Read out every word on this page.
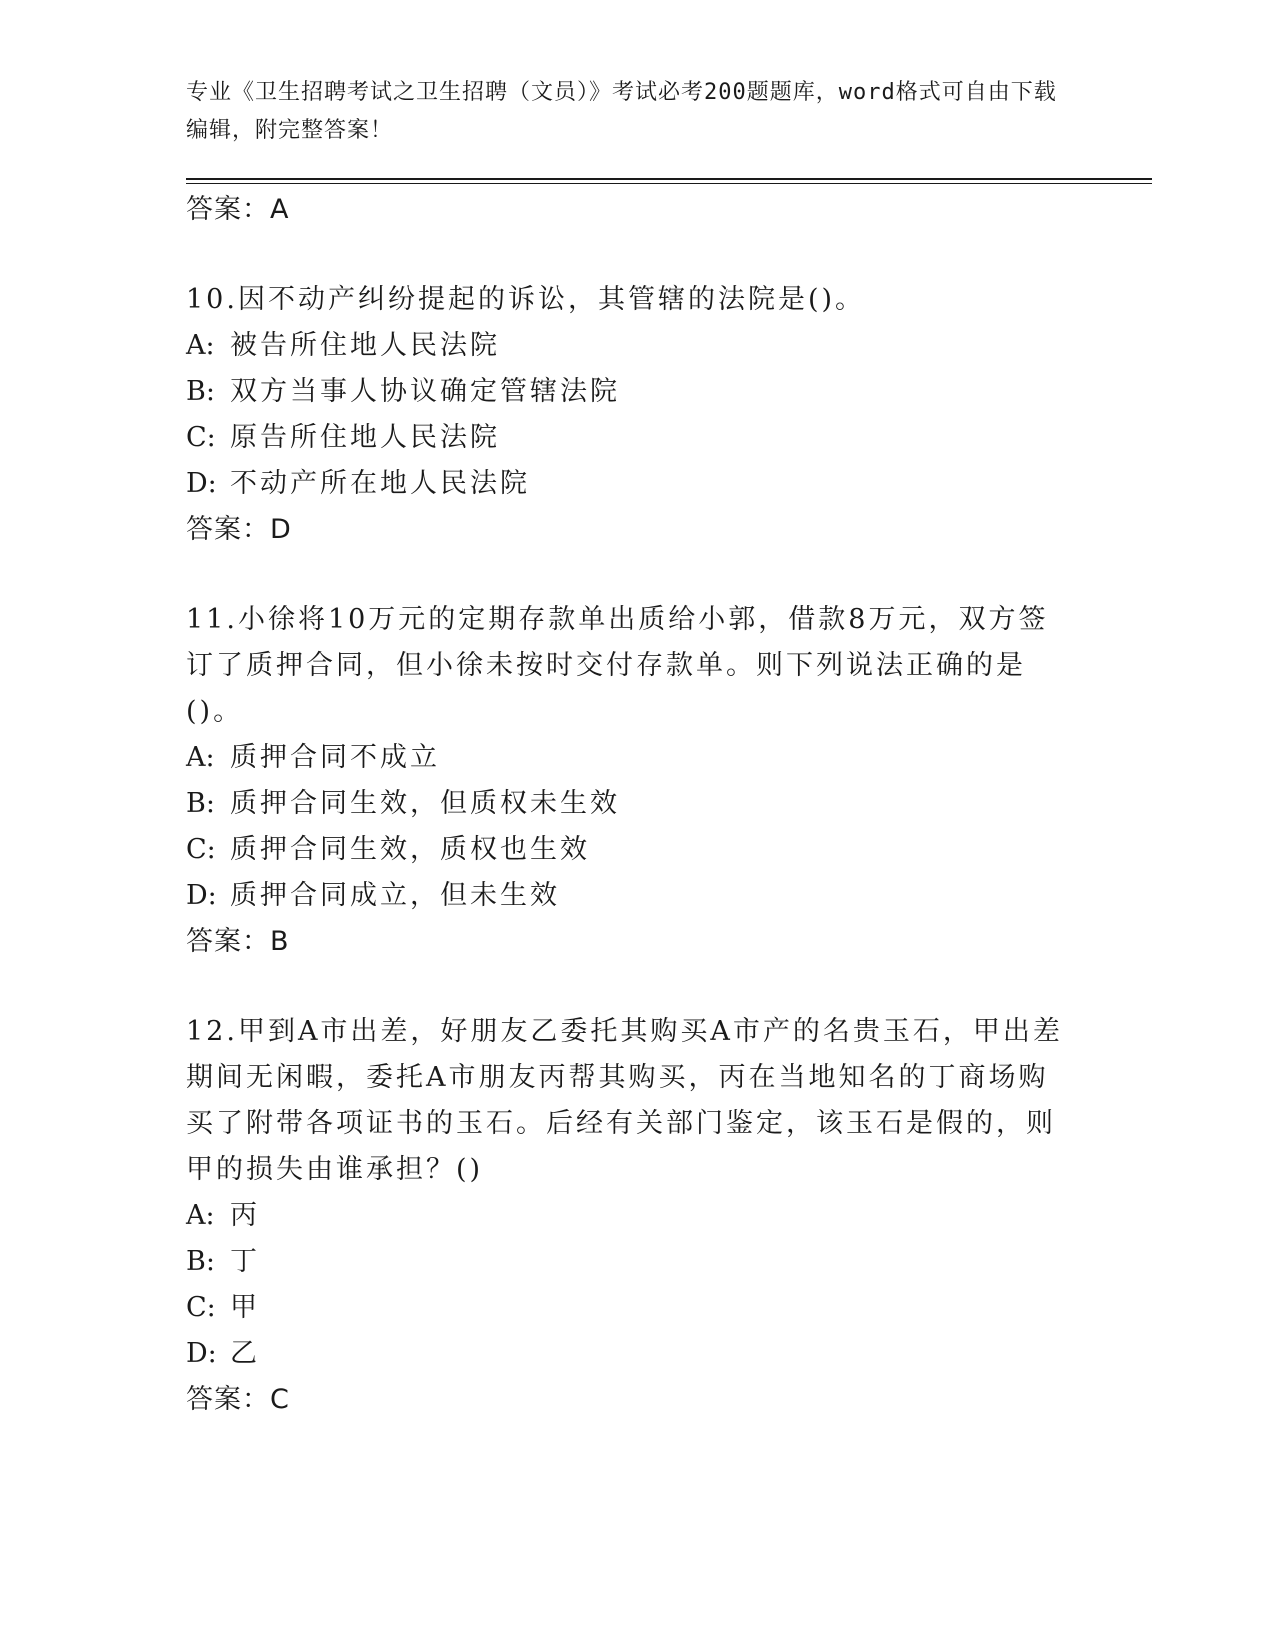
专业《卫生招聘考试之卫生招聘（文员）》考试必考200题题库，word格式可自由下载编辑，附完整答案！
答案：A
10.因不动产纠纷提起的诉讼，其管辖的法院是()。
A: 被告所住地人民法院
B: 双方当事人协议确定管辖法院
C: 原告所住地人民法院
D: 不动产所在地人民法院
答案：D
11.小徐将10万元的定期存款单出质给小郭，借款8万元，双方签订了质押合同，但小徐未按时交付存款单。则下列说法正确的是()。
A: 质押合同不成立
B: 质押合同生效，但质权未生效
C: 质押合同生效，质权也生效
D: 质押合同成立，但未生效
答案：B
12.甲到A市出差，好朋友乙委托其购买A市产的名贵玉石，甲出差期间无闲暇，委托A市朋友丙帮其购买，丙在当地知名的丁商场购买了附带各项证书的玉石。后经有关部门鉴定，该玉石是假的，则甲的损失由谁承担？()
A: 丙
B: 丁
C: 甲
D: 乙
答案：C
